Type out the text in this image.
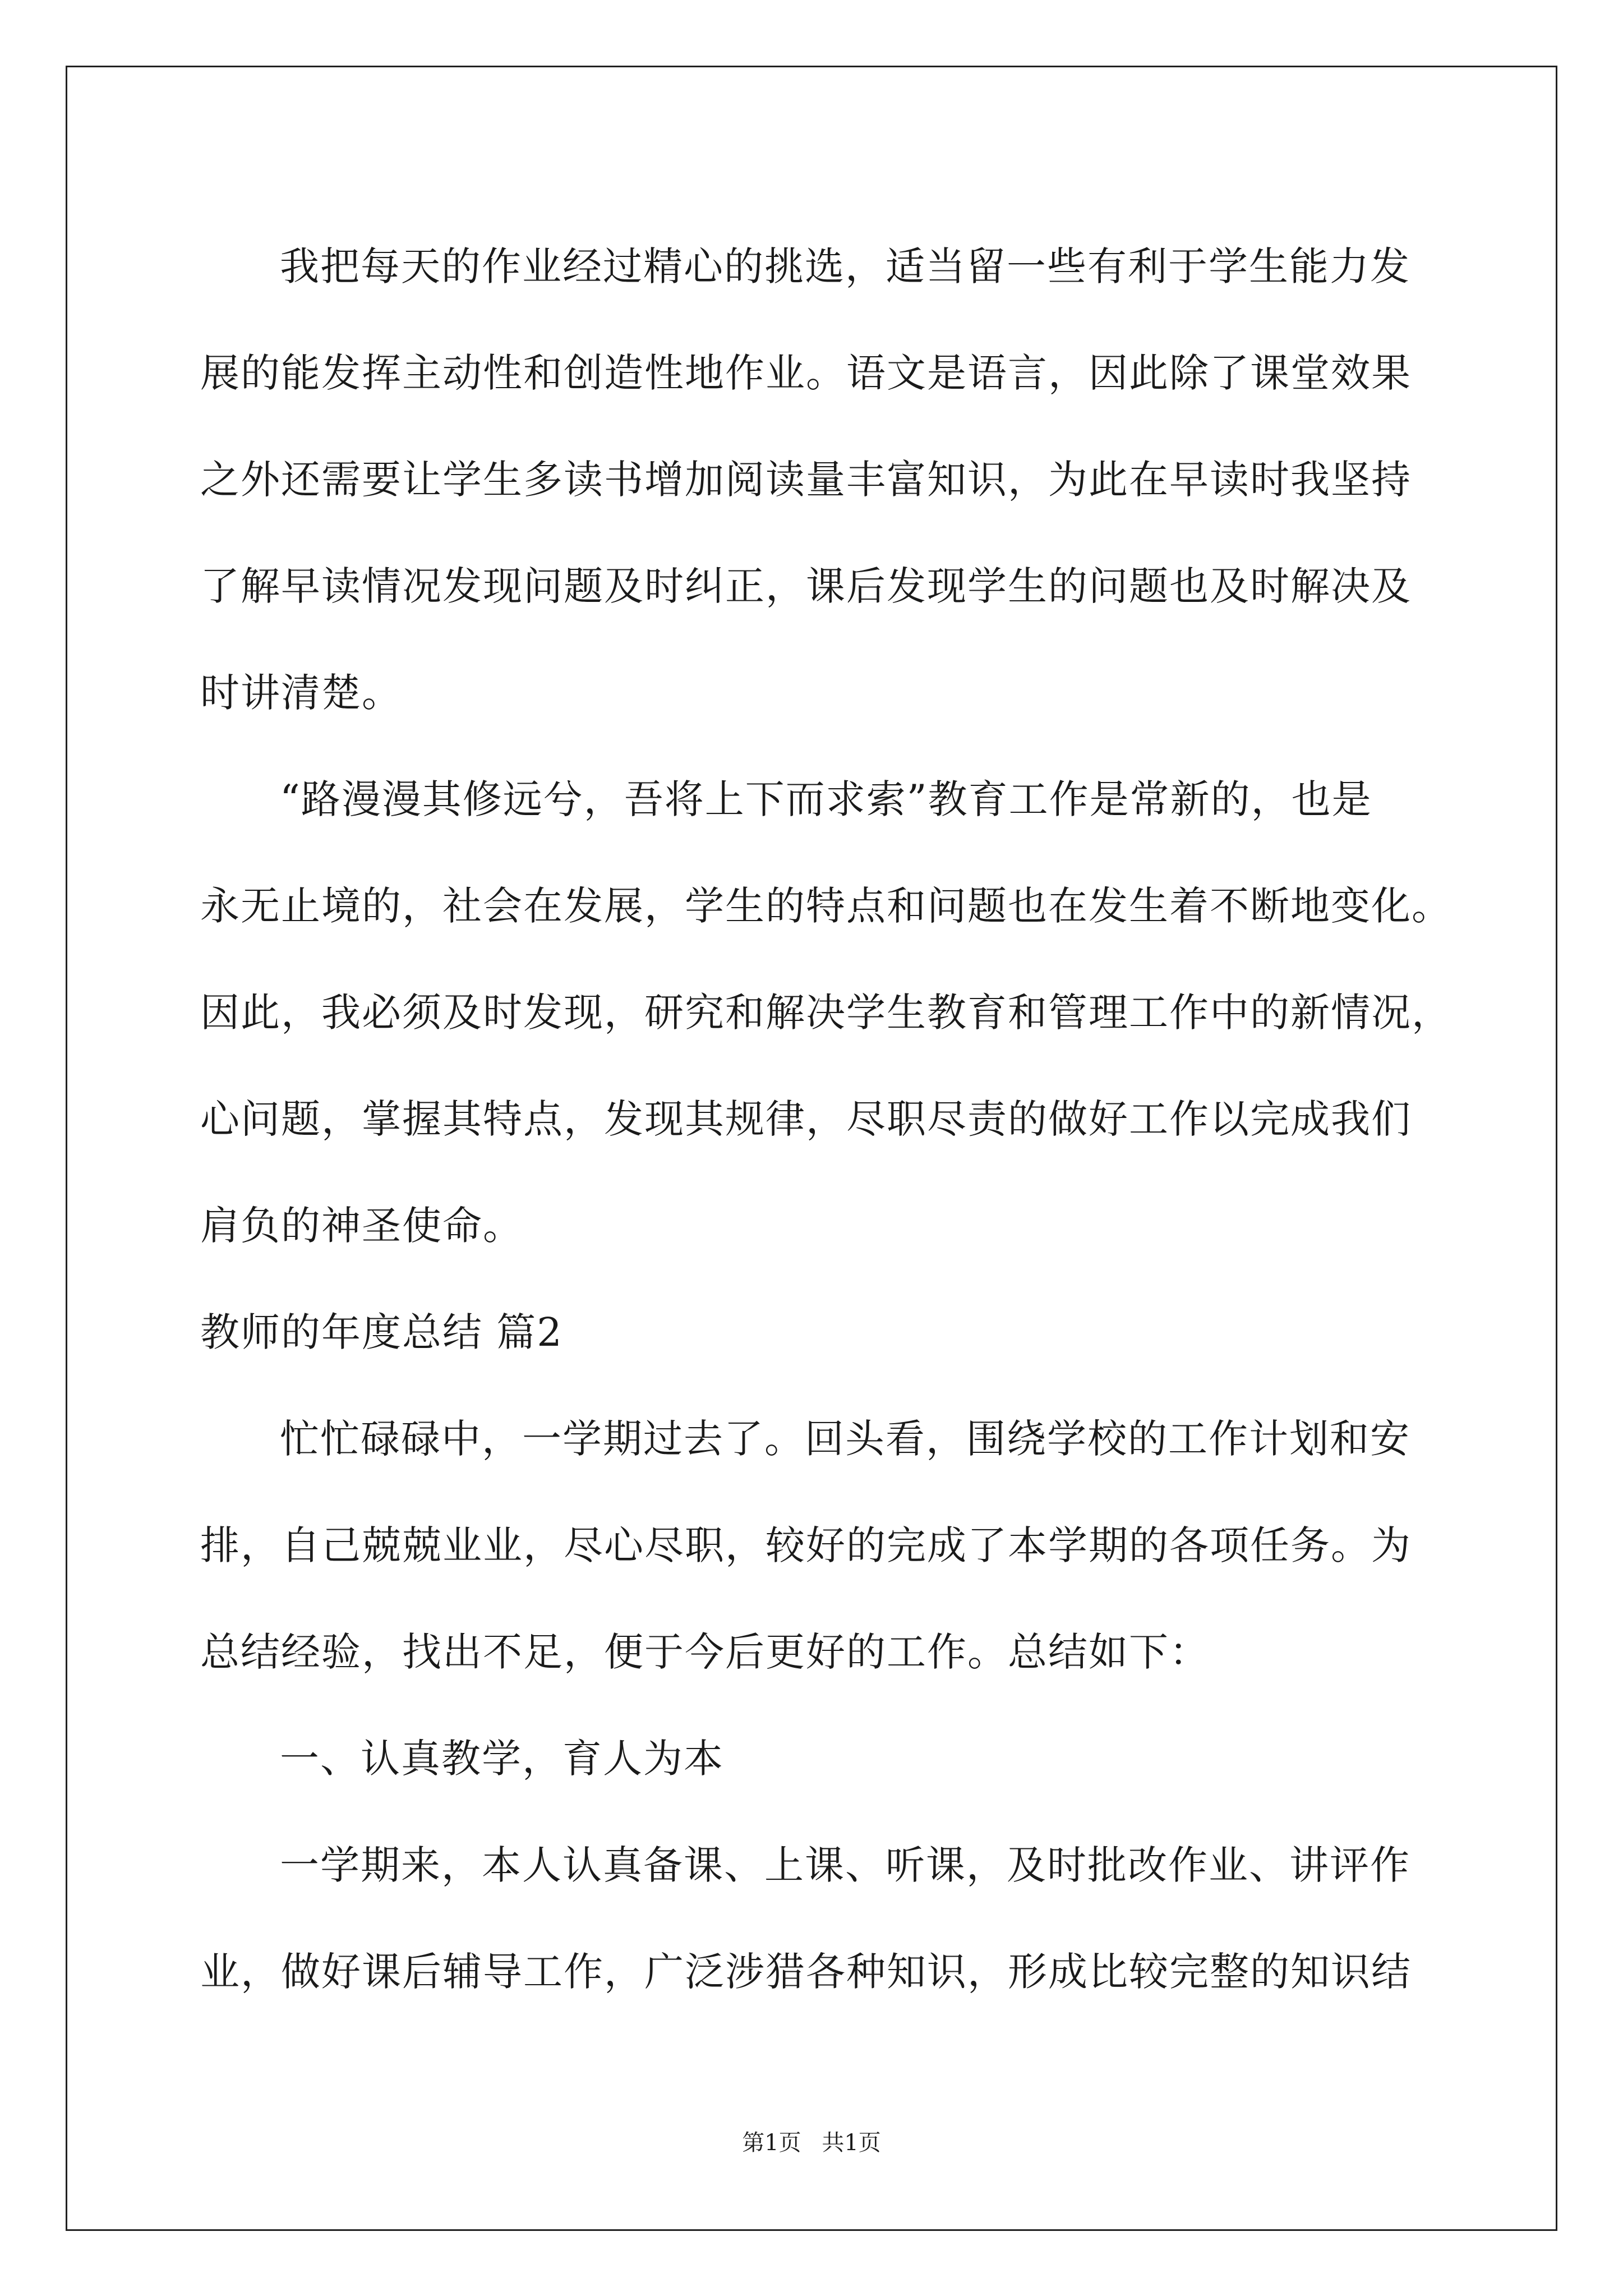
我把每天的作业经过精心的挑选，适当留一些有利于学生能力发
展的能发挥主动性和创造性地作业。语文是语言，因此除了课堂效果
之外还需要让学生多读书增加阅读量丰富知识，为此在早读时我坚持
了解早读情况发现问题及时纠正，课后发现学生的问题也及时解决及
时讲清楚。
“路漫漫其修远兮，吾将上下而求索”教育工作是常新的，也是
永无止境的，社会在发展，学生的特点和问题也在发生着不断地变化。
因此，我必须及时发现，研究和解决学生教育和管理工作中的新情况，
心问题，掌握其特点，发现其规律，尽职尽责的做好工作以完成我们
肩负的神圣使命。
教师的年度总结 篇2
忙忙碌碌中，一学期过去了。回头看，围绕学校的工作计划和安
排，自己兢兢业业，尽心尽职，较好的完成了本学期的各项任务。为
总结经验，找出不足，便于今后更好的工作。总结如下：
一、认真教学，育人为本
一学期来，本人认真备课、上课、听课，及时批改作业、讲评作
业，做好课后辅导工作，广泛涉猎各种知识，形成比较完整的知识结
第1页 共1页
